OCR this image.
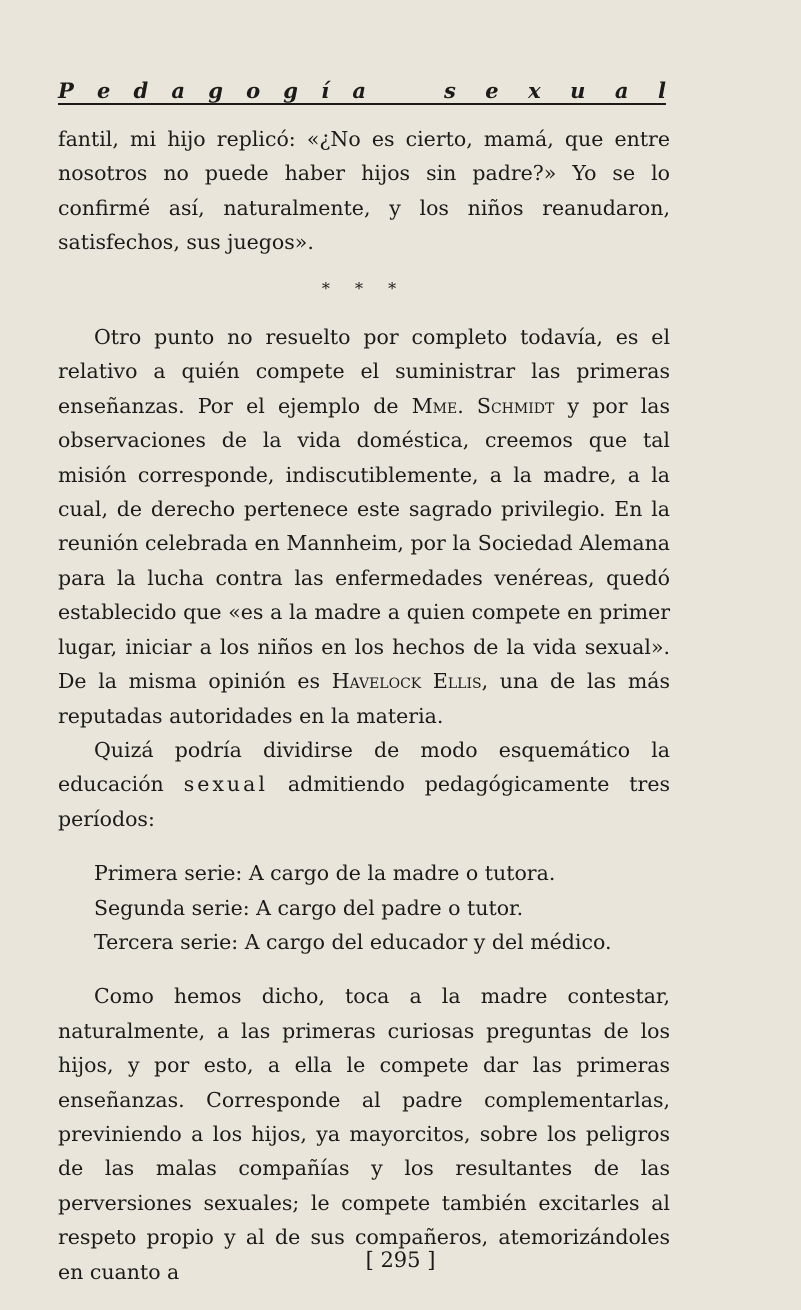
P e d a g o g í a	s e x u a l

fantil, mi hijo replicó: «¿No es cierto, mamá, que entre nosotros no puede haber hijos sin padre?» Yo se lo confirmé así, naturalmente, y los niños reanudaron, satisfechos, sus juegos».

* * *

Otro punto no resuelto por completo todavía, es el relativo a quién compete el suministrar las primeras enseñanzas. Por el ejemplo de Mme. Schmidt y por las observaciones de la vida doméstica, creemos que tal misión corresponde, indiscutiblemente, a la madre, a la cual, de derecho pertenece este sagrado privilegio. En la reunión celebrada en Mannheim, por la Sociedad Alemana para la lucha contra las enfermedades venéreas, quedó establecido que «es a la madre a quien compete en primer lugar, iniciar a los niños en los hechos de la vida sexual». De la misma opinión es Havelock Ellis, una de las más reputadas autoridades en la materia.

Quizá podría dividirse de modo esquemático la educación sexual admitiendo pedagógicamente tres períodos:

Primera serie: A cargo de la madre o tutora.

Segunda serie: A cargo del padre o tutor.

Tercera serie: A cargo del educador y del médico.

Como hemos dicho, toca a la madre contestar, naturalmente, a las primeras curiosas preguntas de los hijos, y por esto, a ella le compete dar las primeras enseñanzas. Corresponde al padre complementarlas, previniendo a los hijos, ya mayorcitos, sobre los peligros de las malas compañías y los resultantes de las perversiones sexuales; le compete también excitarles al respeto propio y al de sus compañeros, atemorizándoles en cuanto a	[ 295 ]
